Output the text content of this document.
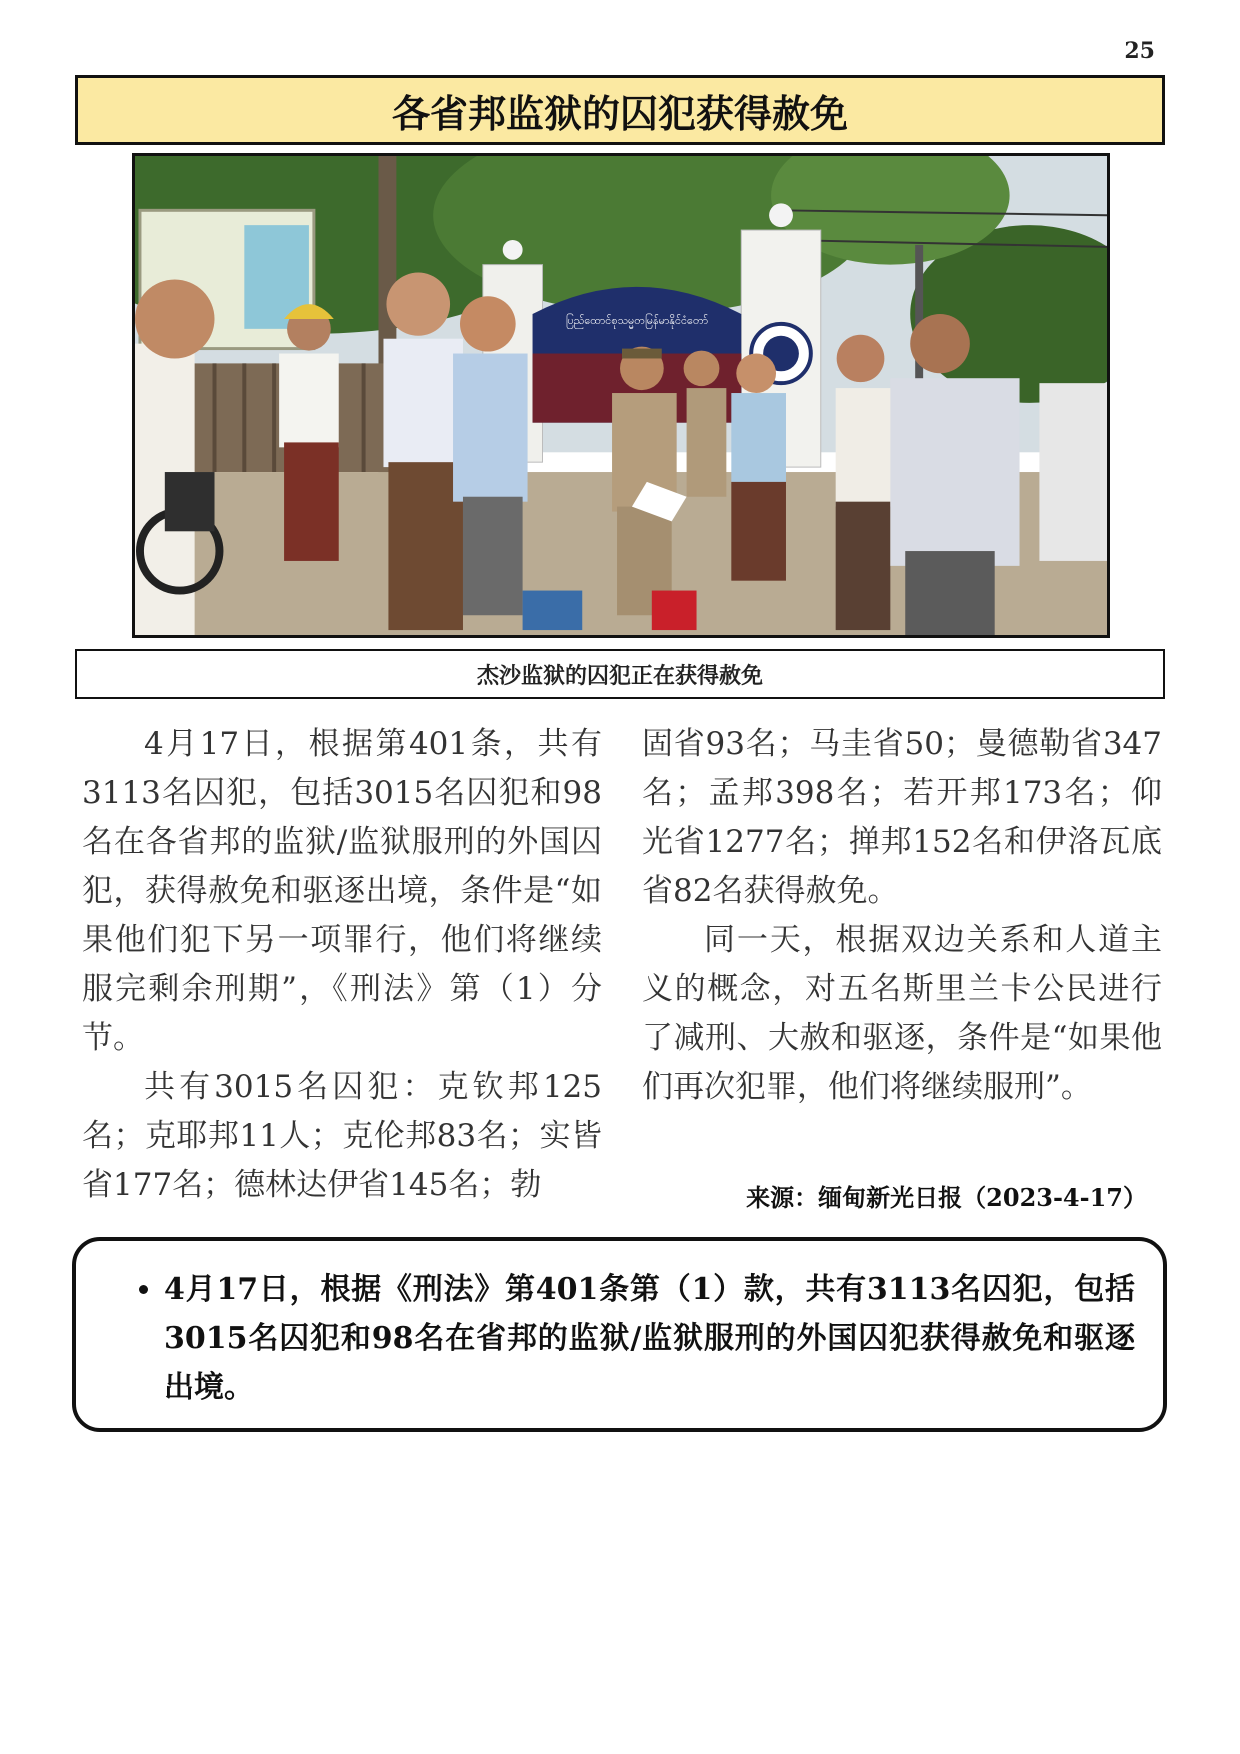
25
各省邦监狱的囚犯获得赦免
ပြည်ထောင်စုသမ္မတမြန်မာနိုင်ငံတော်
杰沙监狱的囚犯正在获得赦免

4月17日，根据第401条，共有3113名囚犯，包括3015名囚犯和98名在各省邦的监狱/监狱服刑的外国囚犯，获得赦免和驱逐出境，条件是“如果他们犯下另一项罪行，他们将继续服完剩余刑期”，《刑法》第（1）分节。

共有3015名囚犯：克钦邦125名；克耶邦11人；克伦邦83名；实皆省177名；德林达伊省145名；勃

固省93名；马圭省50；曼德勒省347名；孟邦398名；若开邦173名；仰光省1277名；掸邦152名和伊洛瓦底省82名获得赦免。

同一天，根据双边关系和人道主义的概念，对五名斯里兰卡公民进行了减刑、大赦和驱逐，条件是“如果他们再次犯罪，他们将继续服刑”。

来源：缅甸新光日报（2023-4-17）
• 4月17日，根据《刑法》第401条第（1）款，共有3113名囚犯，包括3015名囚犯和98名在省邦的监狱/监狱服刑的外国囚犯获得赦免和驱逐出境。
